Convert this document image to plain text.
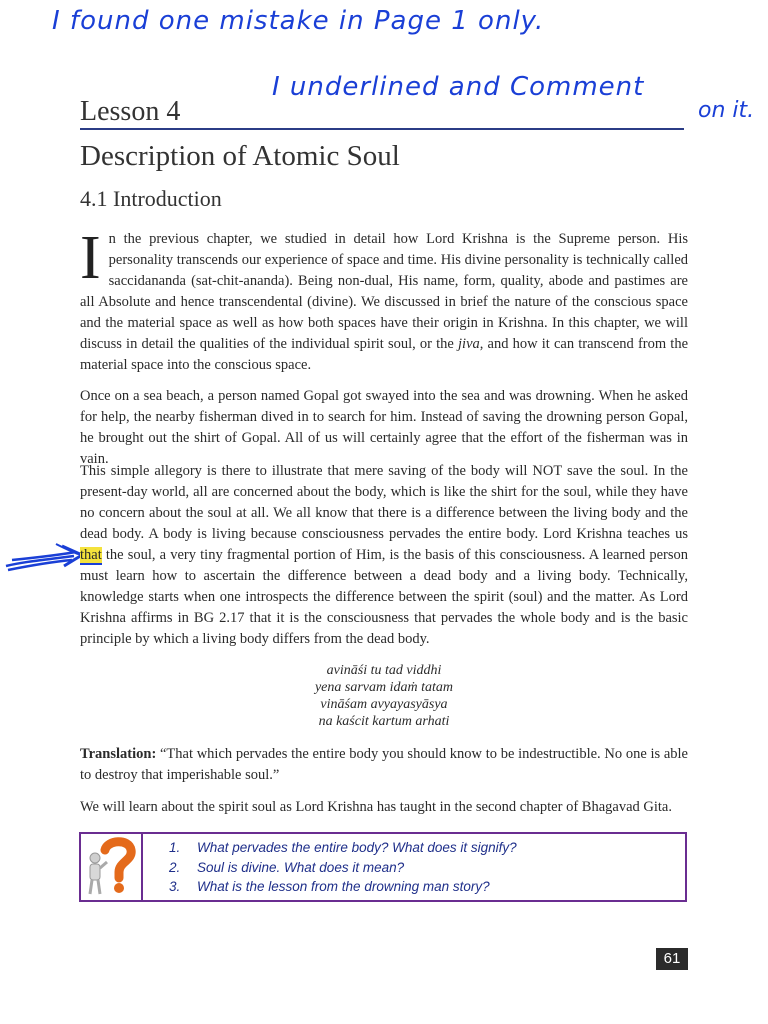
I found one mistake in Page 1 only.
I underlined and Comment
on it.
Lesson 4
Description of Atomic Soul
4.1 Introduction
In the previous chapter, we studied in detail how Lord Krishna is the Supreme person. His personality transcends our experience of space and time. His divine personality is technically called saccidananda (sat-chit-ananda). Being non-dual, His name, form, quality, abode and pastimes are all Absolute and hence transcendental (divine). We discussed in brief the nature of the conscious space and the material space as well as how both spaces have their origin in Krishna. In this chapter, we will discuss in detail the qualities of the individual spirit soul, or the jiva, and how it can transcend from the material space into the conscious space.
Once on a sea beach, a person named Gopal got swayed into the sea and was drowning. When he asked for help, the nearby fisherman dived in to search for him. Instead of saving the drowning person Gopal, he brought out the shirt of Gopal. All of us will certainly agree that the effort of the fisherman was in vain.
This simple allegory is there to illustrate that mere saving of the body will NOT save the soul. In the present-day world, all are concerned about the body, which is like the shirt for the soul, while they have no concern about the soul at all. We all know that there is a difference between the living body and the dead body. A body is living because consciousness pervades the entire body. Lord Krishna teaches us that the soul, a very tiny fragmental portion of Him, is the basis of this consciousness. A learned person must learn how to ascertain the difference between a dead body and a living body. Technically, knowledge starts when one introspects the difference between the spirit (soul) and the matter. As Lord Krishna affirms in BG 2.17 that it is the consciousness that pervades the whole body and is the basic principle by which a living body differs from the dead body.
avināśi tu tad viddhi
yena sarvam idaṁ tatam
vināśam avyayasyāsya
na kaścit kartum arhati
Translation: “That which pervades the entire body you should know to be indestructible. No one is able to destroy that imperishable soul.”
We will learn about the spirit soul as Lord Krishna has taught in the second chapter of Bhagavad Gita.
1. What pervades the entire body? What does it signify?
2. Soul is divine. What does it mean?
3. What is the lesson from the drowning man story?
61
